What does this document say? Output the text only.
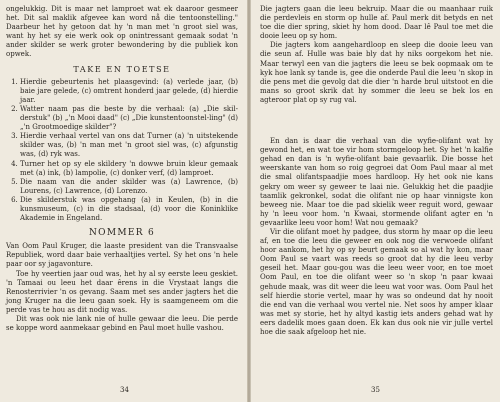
ongelukkig. Dit is maar net lamproet wat ek daaroor gesmeer het. Dit sal maklik afgevee kan word nå die tentoonstelling." Daarbeur het hy getoon dat hy 'n man met 'n groot siel was, want hy het sy eie werk ook op onintressant gemaak sodat 'n ander skilder se werk groter bewondering by die publiek kon opwek.

TAKE EN TOETSE
1. Hierdie gebeurtenis het plaasgevind: (a) verlede jaar, (b) baie jare gelede, (c) omtrent honderd jaar gelede, (d) hierdie jaar.
2. Watter naam pas die beste by die verhaal: (a) „Die skil-derstuk" (b) „'n Mooi daad" (c) „Die kunstentoonstel-ling" (d) „'n Grootmoedige skilder"?
3. Hierdie verhaal vertel van ons dat Turner (a) 'n uitstekende skilder was, (b) 'n man met 'n groot siel was, (c) afgunstig was, (d) ryk was.
4. Turner het op sy ele skildery 'n dowwe bruin kleur gemaak met (a) ink, (b) lampolie, (c) donker verf, (d) lamproet.
5. Die naam van die ander skilder was (a) Lawrence, (b) Lourens, (c) Lawrence, (d) Lorenzo.
6. Die skilderstuk was opgehang (a) in Keulen, (b) in die kunsmuseum, (c) in die stadsaal, (d) voor die Koninklike Akademie in Engeland.
NOMMER 6

Van Oom Paul Kruger, die laaste president van die Transvaalse Republiek, word daar baie verhaaltjies vertel. Sy het ons 'n hele paar oor sy jagavonture.

Toe hy veertien jaar oud was, het hy al sy eerste leeu geskiet. 'n Tamaai ou leeu het daar êrens in die Vrystaat langs die Renosterrivier 'n os gevang. Saam met ses ander jagters het die jong Kruger na die leeu gaan soek. Hy is saamgeneem om die perde vas te hou as dit nodig was.

Dit was ook nie lank nie of hulle gewaar die leeu. Die perde se koppe word aanmekaar gebind en Paul moet hulle vashou.

34

Die jagters gaan die leeu bekruip. Maar die ou maanhaar ruik die perdevleis en storm op hulle af. Paul merk dit betyds en net toe die dier spring, skiet hy hom dood. Daar lê Paul toe met die dooie leeu op sy hom.

Die jagters kom aangehardloop en sleep die dooie leeu van die seun af. Hulle was baie bly dat hy niks oorgekom het nie. Maar terwyl een van die jagters die leeu se bek oopmaak om te kyk hoe lank sy tande is, gee die onderde Paul die leeu 'n skop in die pens met die gevolg dat die dier 'n harde brul uitstoot en die mans so groot skrik dat hy sommer die leeu se bek los en agteroor plat op sy rug val.

En dan is daar die verhaal van die wyfie-olifant wat hy gewond het, en wat toe vir hom stormgeloop het. Sy het 'n kalfie gehad en dan is 'n wyfie-olifant baie gevaarlik. Die bosse het weerskante van hom so roig gegroei dat Oom Paul maar al met die smal olifantspaadjie moes hardloop. Hy het ook nie kans gekry om weer sy geweer te laai nie. Gelukkig het die paadjie taamlik gekronkel, sodat die olifant nie op haar vinnigste kon beweeg nie. Maar toe die pad skielik weer reguit word, gewaar hy 'n leeu voor hom. 'n Kwaai, stormende olifant agter en 'n gevaarlike leeu voor hom! Wat nou gemaak?

Vir die olifant moet hy padgee, dus storm hy maar op die leeu af, en toe die leeu die geweer en ook nog die verwoede olifant hoor aankom, het hy op sy beurt gemaak so al wat hy kon, maar Oom Paul se vaart was reeds so groot dat hy die leeu verby geseil het. Maar gou-gou was die leeu weer voor, en toe moet Oom Paul, en toe die olifant weer so 'n skop 'n paar kwaai gehude maak, was dit weer die leeu wat voor was. Oom Paul het self hierdie storie vertel, maar hy was so ondeund dat hy nooit die end van die verhaal wou vertel nie. Net soos hy amper klaar was met sy storie, het hy altyd kastig iets anders gehad wat hy eers dadelik moes gaan doen. Ek kan dus ook nie vir julle vertel hoe die saak afgeloop het nie.

35
